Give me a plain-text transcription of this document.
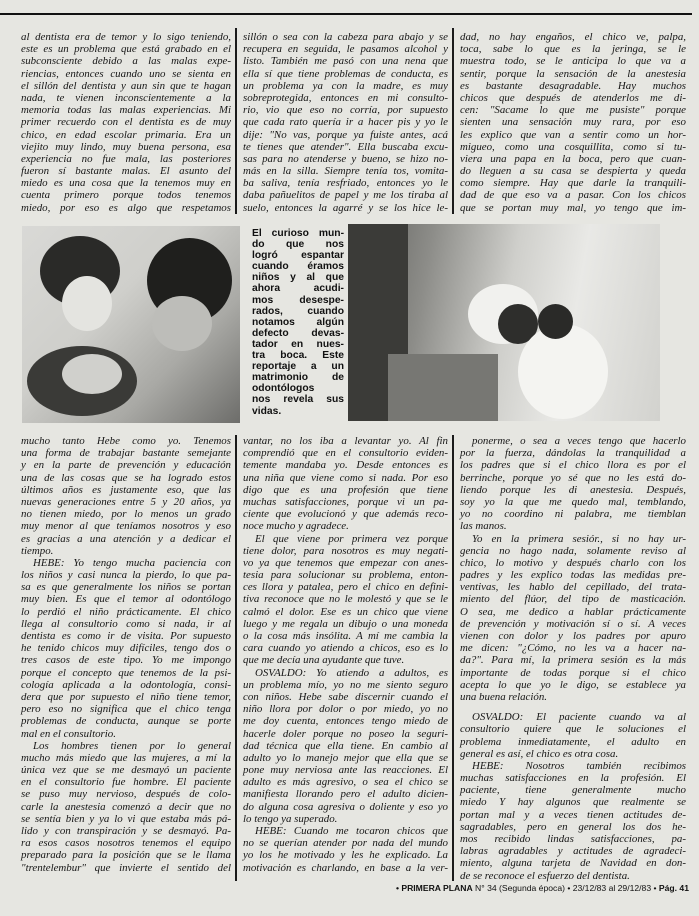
al dentista era de temor y lo sigo teniendo,
este es un problema que está grabado en el
subconsciente debido a las malas expe-
riencias, entonces cuando uno se sienta en
el sillón del dentista y aun sin que te hagan
nada, te vienen inconscientemente a la
memoria todas las malas experiencias. Mi
primer recuerdo con el dentista es de muy
chico, en edad escolar primaria. Era un
viejito muy lindo, muy buena persona, esa
experiencia no fue mala, las posteriores
fueron sí bastante malas. El asunto del
miedo es una cosa que la tenemos muy en
cuenta primero porque todos tenemos
miedo, por eso es algo que respetamos
sillón o sea con la cabeza para abajo y se
recupera en seguida, le pasamos alcohol y
listo. También me pasó con una nena que
ella sí que tiene problemas de conducta, es
un problema ya con la madre, es muy
sobreprotegida, entonces en mi consulto-
rio, vio que eso no corría, por supuesto
que cada rato quería ir a hacer pis y yo le
dije: "No vas, porque ya fuiste antes, acá
te tienes que atender". Ella buscaba excu-
sas para no atenderse y bueno, se hizo no-
más en la silla. Siempre tenía tos, vomita-
ba saliva, tenía resfriado, entonces yo le
daba pañuelitos de papel y me los tiraba al
suelo, entonces la agarré y se los hice le-
dad, no hay engaños, el chico ve, palpa,
toca, sabe lo que es la jeringa, se le
muestra todo, se le anticipa lo que va a
sentir, porque la sensación de la anestesia
es bastante desagradable. Hay muchos
chicos que después de atenderlos me di-
cen: "Sacame lo que me pusiste" porque
sienten una sensación muy rara, por eso
les explico que van a sentir como un hor-
migueo, como una cosquillita, como si tu-
viera una papa en la boca, pero que cuan-
do lleguen a su casa se despierta y queda
como siempre. Hay que darle la tranquili-
dad de que eso va a pasar. Con los chicos
que se portan muy mal, yo tengo que im-
El curioso mun-
do que nos
logró espantar
cuando éramos
niños y al que
ahora acudi-
mos desespe-
rados, cuando
notamos algún
defecto devas-
tador en nues-
tra boca. Este
reportaje a un
matrimonio de
odontólogos
nos revela sus
vidas.
mucho tanto Hebe como yo. Tenemos
una forma de trabajar bastante semejante
y en la parte de prevención y educación
una de las cosas que se ha logrado estos
últimos años es justamente eso, que las
nuevas generaciones entre 5 y 20 años, ya
no tienen miedo, por lo menos un grado
muy menor al que teníamos nosotros y eso
es gracias a una atención y a dedicar el
tiempo.
HEBE: Yo tengo mucha paciencia con
los niños y casi nunca la pierdo, lo que pa-
sa es que generalmente los niños se portan
muy bien. Es que el temor al odontólogo
lo perdió el niño prácticamente. El chico
llega al consultorio como si nada, ir al
dentista es como ir de visita. Por supuesto
he tenido chicos muy difíciles, tengo dos o
tres casos de este tipo. Yo me impongo
porque el concepto que tenemos de la psi-
cología aplicada a la odontología, consi-
dera que por supuesto el niño tiene temor,
pero eso no significa que el chico tenga
problemas de conducta, aunque se porte
mal en el consultorio.
Los hombres tienen por lo general
mucho más miedo que las mujeres, a mí la
única vez que se me desmayó un paciente
en el consultorio fue hombre. El paciente
se puso muy nervioso, después de colo-
carle la anestesia comenzó a decir que no
se sentía bien y ya lo vi que estaba más pá-
lido y con transpiración y se desmayó. Pa-
ra esos casos nosotros tenemos el equipo
preparado para la posición que se le llama
"trentelembur" que invierte el sentido del
vantar, no los iba a levantar yo. Al fin
comprendió que en el consultorio eviden-
temente mandaba yo. Desde entonces es
una niña que viene como si nada. Por eso
digo que es una profesión que tiene
muchas satisfacciones, porque vi un pa-
ciente que evolucionó y que además reco-
noce mucho y agradece.
El que viene por primera vez porque
tiene dolor, para nosotros es muy negati-
vo ya que tenemos que empezar con anes-
tesia para solucionar su problema, enton-
ces llora y patalea, pero el chico en defini-
tiva reconoce que no le molestó y que se le
calmó el dolor. Ese es un chico que viene
luego y me regala un dibujo o una moneda
o la cosa más insólita. A mí me cambia la
cara cuando yo atiendo a chicos, eso es lo
que me decía una ayudante que tuve.
OSVALDO: Yo atiendo a adultos, es
un problema mío, yo no me siento seguro
con niños. Hebe sabe discernir cuando el
niño llora por dolor o por miedo, yo no
me doy cuenta, entonces tengo miedo de
hacerle doler porque no poseo la seguri-
dad técnica que ella tiene. En cambio al
adulto yo lo manejo mejor que ella que se
pone muy nerviosa ante las reacciones. El
adulto es más agresivo, o sea el chico se
manifiesta llorando pero el adulto dicien-
do alguna cosa agresiva o doliente y eso yo
lo tengo ya superado.
HEBE: Cuando me tocaron chicos que
no se querían atender por nada del mundo
yo los he motivado y les he explicado. La
motivación es charlando, en base a la ver-
ponerme, o sea a veces tengo que hacerlo
por la fuerza, dándolas la tranquilidad a
los padres que si el chico llora es por el
berrinche, porque yo sé que no les está do-
liendo porque les di anestesia. Después,
soy yo la que me quedo mal, temblando,
yo no coordino ni palabra, me tiemblan
las manos.
Yo en la primera sesiór., si no hay ur-
gencia no hago nada, solamente reviso al
chico, lo motivo y después charlo con los
padres y les explico todas las medidas pre-
ventivas, les hablo del cepillado, del trata-
miento del flúor, del tipo de masticación.
O sea, me dedico a hablar prácticamente
de prevención y motivación sí o sí. A veces
vienen con dolor y los padres por apuro
me dicen: "¿Cómo, no les va a hacer na-
da?". Para mí, la primera sesión es la más
importante de todas porque si el chico
acepta lo que yo le digo, se establece ya
una buena relación.
OSVALDO: El paciente cuando va al
consultorio quiere que le soluciones el
problema inmediatamente, el adulto en
general es así, el chico es otra cosa.
HEBE: Nosotros también recibimos
muchas satisfacciones en la profesión. El
paciente, tiene generalmente mucho
miedo Y hay algunos que realmente se
portan mal y a veces tienen actitudes de-
sagradables, pero en general los dos he-
mos recibido lindas satisfacciones, pa-
labras agradables y actitudes de agradeci-
miento, alguna tarjeta de Navidad en don-
de se reconoce el esfuerzo del dentista.
• PRIMERA PLANA N° 34 (Segunda época) • 23/12/83 al 29/12/83 • Pág. 41
